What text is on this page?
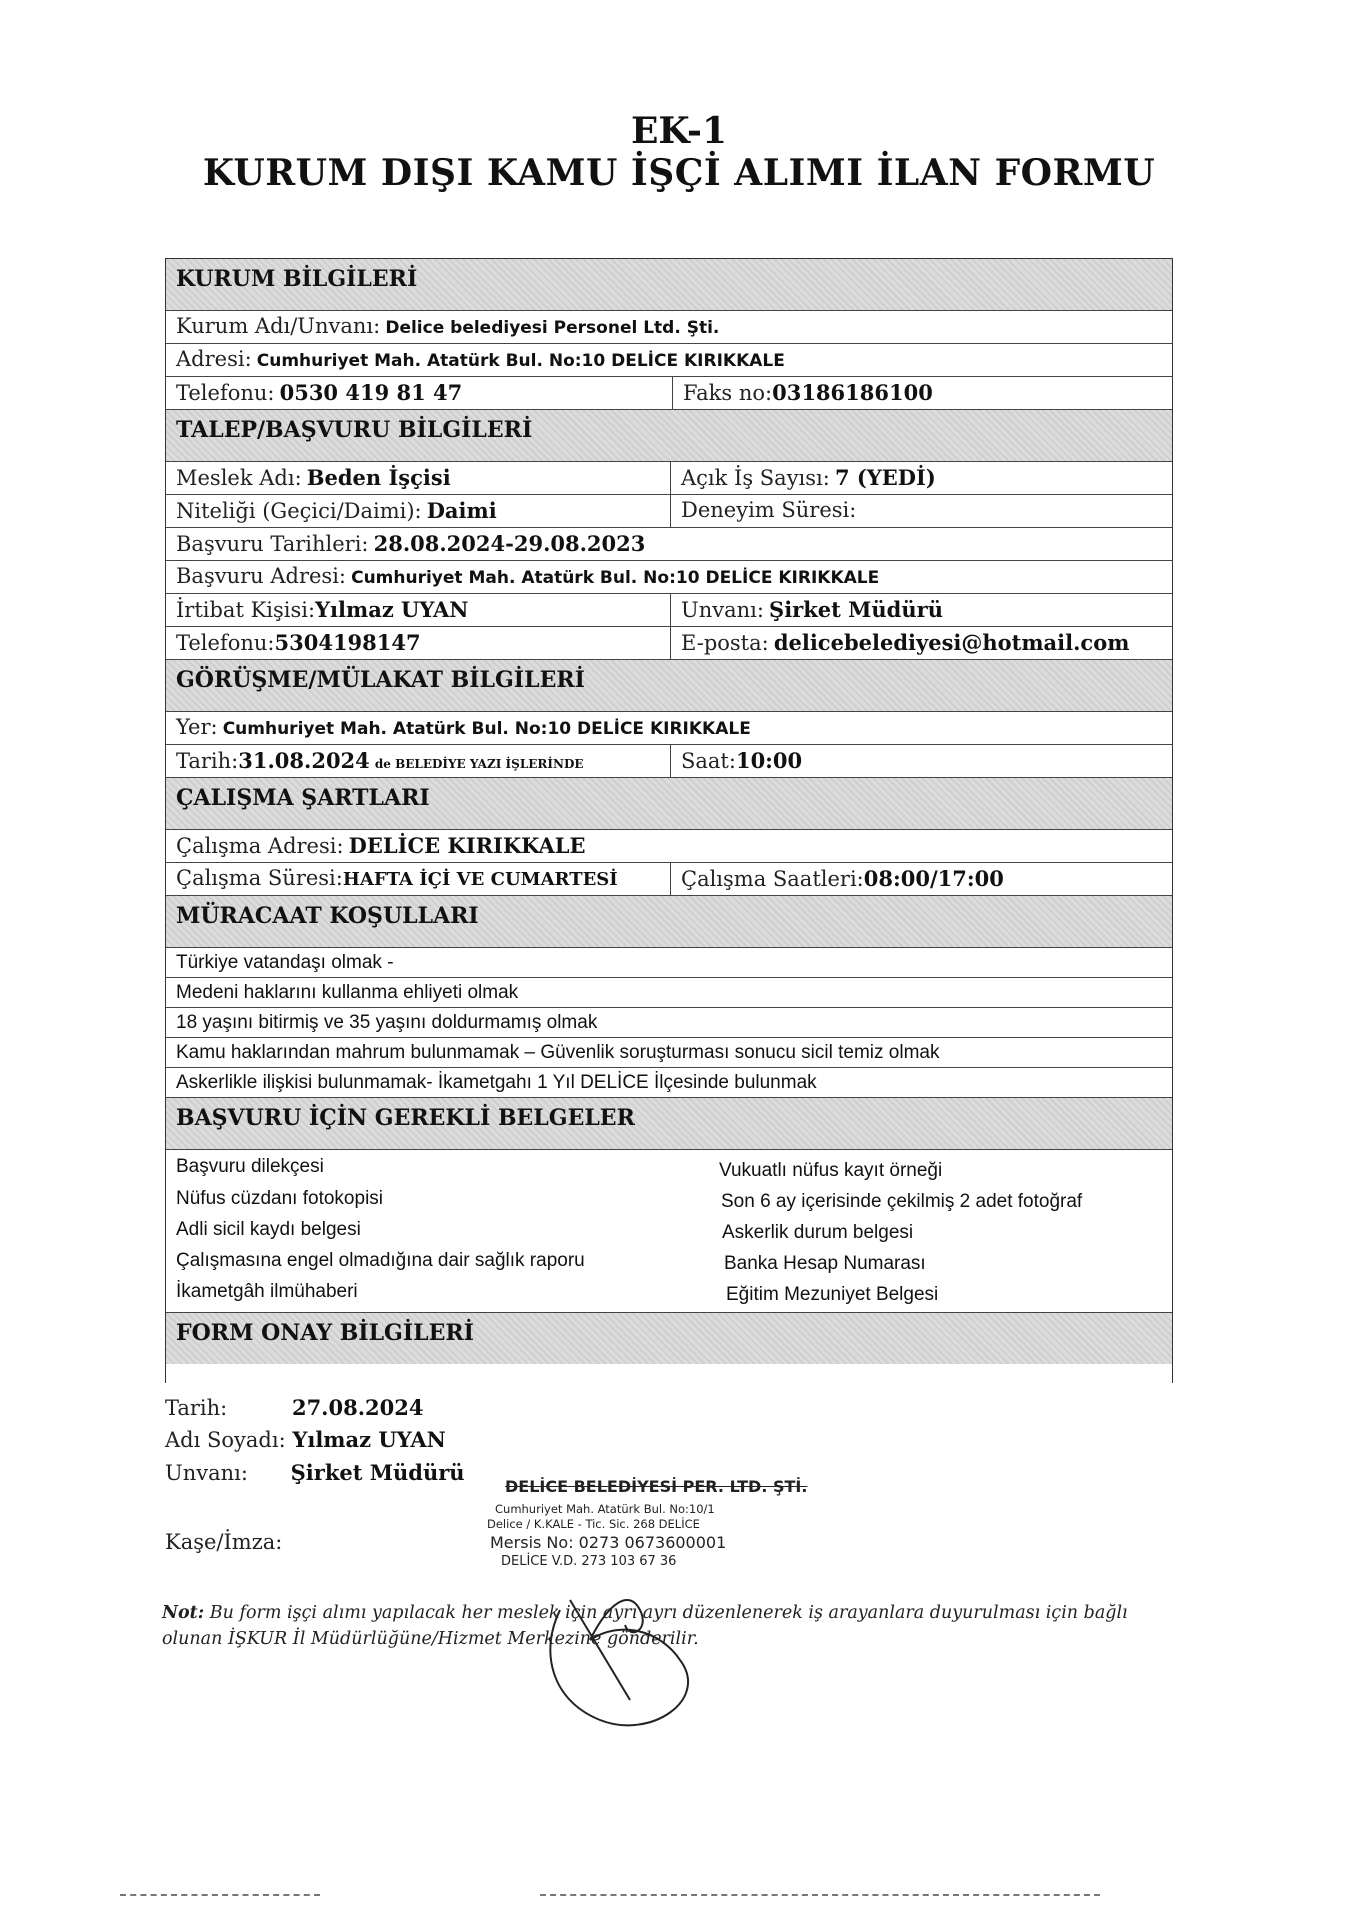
EK-1
KURUM DIŞI KAMU İŞÇİ ALIMI İLAN FORMU
KURUM BİLGİLERİ
Kurum Adı/Unvanı: Delice belediyesi Personel Ltd. Şti.
Adresi: Cumhuriyet Mah. Atatürk Bul. No:10 DELİCE KIRIKKALE
Telefonu: 0530 419 81 47	Faks no:03186186100
TALEP/BAŞVURU BİLGİLERİ
Meslek Adı: Beden İşçisi	Açık İş Sayısı: 7 (YEDİ)
Niteliği (Geçici/Daimi): Daimi	Deneyim Süresi:
Başvuru Tarihleri: 28.08.2024-29.08.2023
Başvuru Adresi: Cumhuriyet Mah. Atatürk Bul. No:10 DELİCE KIRIKKALE
İrtibat Kişisi:Yılmaz UYAN	Unvanı: Şirket Müdürü
Telefonu:5304198147	E-posta: delicebelediyesi@hotmail.com
GÖRÜŞME/MÜLAKAT BİLGİLERİ
Yer: Cumhuriyet Mah. Atatürk Bul. No:10 DELİCE KIRIKKALE
Tarih:31.08.2024 de BELEDİYE YAZI İŞLERİNDE	Saat:10:00
ÇALIŞMA ŞARTLARI
Çalışma Adresi: DELİCE KIRIKKALE
Çalışma Süresi:HAFTA İÇİ VE CUMARTESİ	Çalışma Saatleri:08:00/17:00
MÜRACAAT KOŞULLARI
Türkiye vatandaşı olmak -
Medeni haklarını kullanma ehliyeti olmak
18 yaşını bitirmiş ve 35 yaşını doldurmamış olmak
Kamu haklarından mahrum bulunmamak – Güvenlik soruşturması sonucu sicil temiz olmak
Askerlikle ilişkisi bulunmamak- İkametgahı 1 Yıl DELİCE İlçesinde bulunmak
BAŞVURU İÇİN GEREKLİ BELGELER
Başvuru dilekçesi
Nüfus cüzdanı fotokopisi
Adli sicil kaydı belgesi
Çalışmasına engel olmadığına dair sağlık raporu
İkametgâh ilmühaberi
Vukuatlı nüfus kayıt örneği
Son 6 ay içerisinde çekilmiş 2 adet fotoğraf
Askerlik durum belgesi
Banka Hesap Numarası
Eğitim Mezuniyet Belgesi
FORM ONAY BİLGİLERİ
Tarih:	27.08.2024
Adı Soyadı: Yılmaz UYAN
Unvanı: Şirket Müdürü
Kaşe/İmza:
DELİCE BELEDİYESİ PER. LTD. ŞTİ.
Cumhuriyet Mah. Atatürk Bul. No:10/1
Delice / K.KALE - Tic. Sic. 268 DELİCE
Mersis No: 0273 0673600001
DELİCE V.D. 273 103 67 36
Not: Bu form işçi alımı yapılacak her meslek için ayrı ayrı düzenlenerek iş arayanlara duyurulması için bağlı olunan İŞKUR İl Müdürlüğüne/Hizmet Merkezine gönderilir.
